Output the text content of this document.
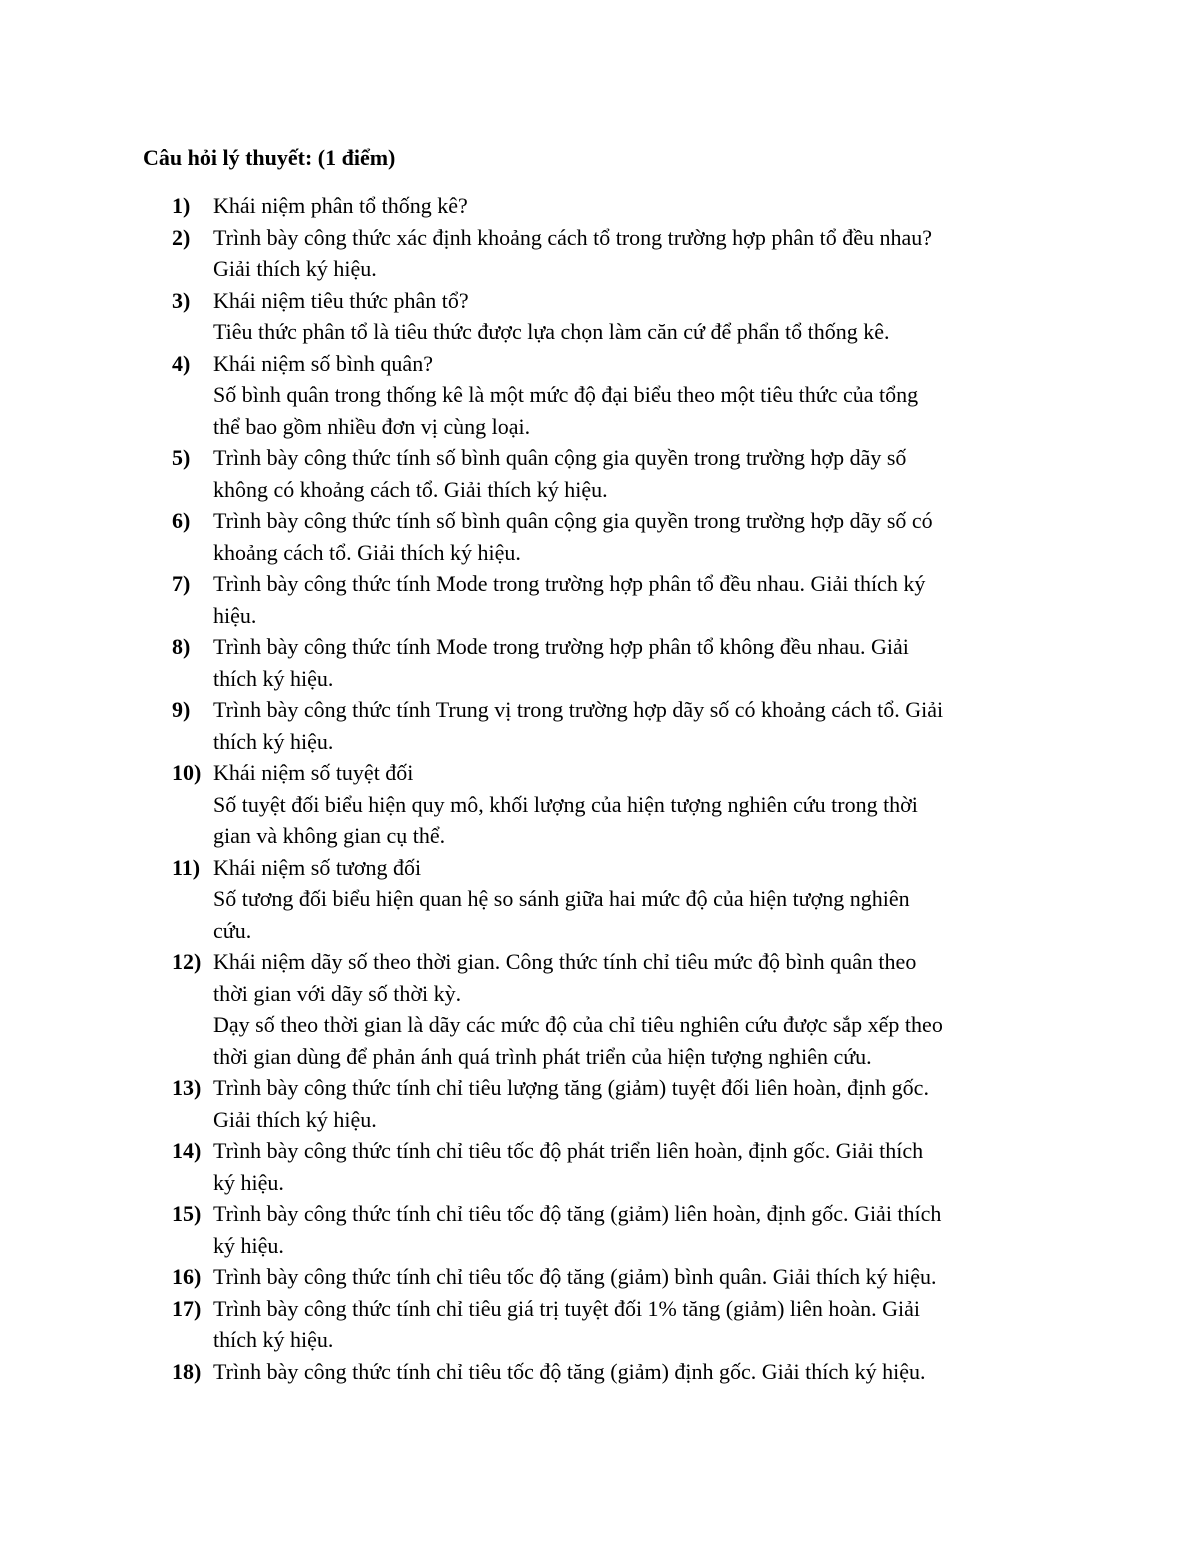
Câu hỏi lý thuyết: (1 điểm)
1) Khái niệm phân tổ thống kê?
2) Trình bày công thức xác định khoảng cách tổ trong trường hợp phân tổ đều nhau?
Giải thích ký hiệu.
3) Khái niệm tiêu thức phân tổ?
Tiêu thức phân tổ là tiêu thức được lựa chọn làm căn cứ để phẩn tổ thống kê.
4) Khái niệm số bình quân?
Số bình quân trong thống kê là một mức độ đại biểu theo một tiêu thức của tổng
thể bao gồm nhiều đơn vị cùng loại.
5) Trình bày công thức tính số bình quân cộng gia quyền trong trường hợp dãy số
không có khoảng cách tổ. Giải thích ký hiệu.
6) Trình bày công thức tính số bình quân cộng gia quyền trong trường hợp dãy số có
khoảng cách tổ. Giải thích ký hiệu.
7) Trình bày công thức tính Mode trong trường hợp phân tổ đều nhau. Giải thích ký
hiệu.
8) Trình bày công thức tính Mode trong trường hợp phân tổ không đều nhau. Giải
thích ký hiệu.
9) Trình bày công thức tính Trung vị trong trường hợp dãy số có khoảng cách tổ. Giải
thích ký hiệu.
10) Khái niệm số tuyệt đối
Số tuyệt đối biểu hiện quy mô, khối lượng của hiện tượng nghiên cứu trong thời
gian và không gian cụ thể.
11) Khái niệm số tương đối
Số tương đối biểu hiện quan hệ so sánh giữa hai mức độ của hiện tượng nghiên
cứu.
12) Khái niệm dãy số theo thời gian. Công thức tính chỉ tiêu mức độ bình quân theo
thời gian với dãy số thời kỳ.
Dạy số theo thời gian là dãy các mức độ của chỉ tiêu nghiên cứu được sắp xếp theo
thời gian dùng để phản ánh quá trình phát triển của hiện tượng nghiên cứu.
13) Trình bày công thức tính chỉ tiêu lượng tăng (giảm) tuyệt đối liên hoàn, định gốc.
Giải thích ký hiệu.
14) Trình bày công thức tính chỉ tiêu tốc độ phát triển liên hoàn, định gốc. Giải thích
ký hiệu.
15) Trình bày công thức tính chỉ tiêu tốc độ tăng (giảm) liên hoàn, định gốc. Giải thích
ký hiệu.
16) Trình bày công thức tính chỉ tiêu tốc độ tăng (giảm) bình quân. Giải thích ký hiệu.
17) Trình bày công thức tính chỉ tiêu giá trị tuyệt đối 1% tăng (giảm) liên hoàn. Giải
thích ký hiệu.
18) Trình bày công thức tính chỉ tiêu tốc độ tăng (giảm) định gốc. Giải thích ký hiệu.
